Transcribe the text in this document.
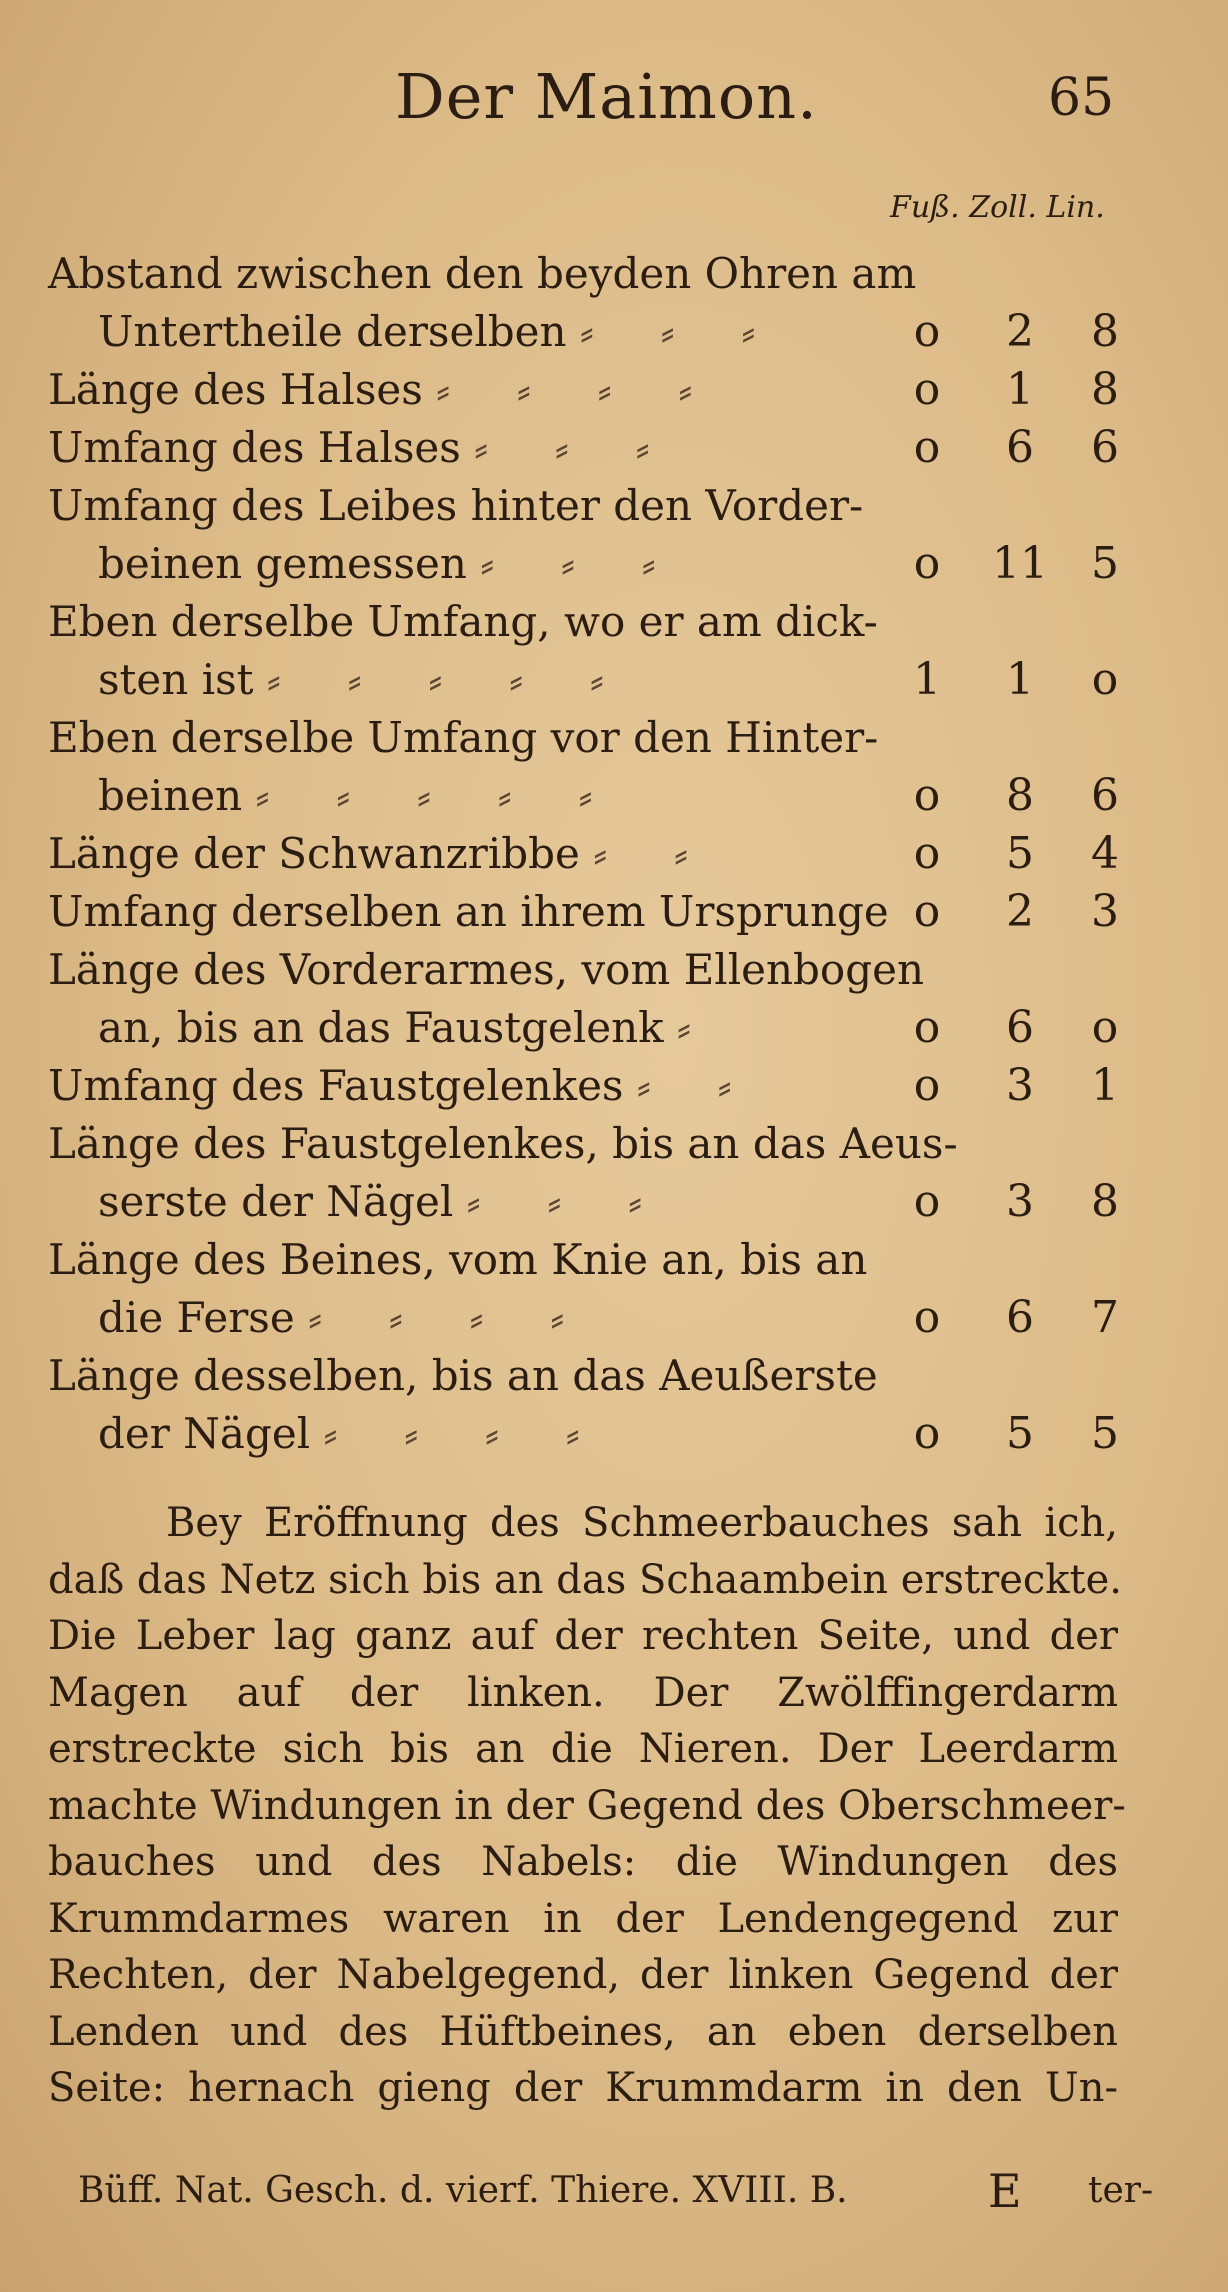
Der Maimon.	65
Fuß. Zoll. Lin.
Abstand zwischen den beyden Ohren am
Untertheile derselben ⸗     ⸗     ⸗	o	2	8
Länge des Halses ⸗     ⸗     ⸗     ⸗	o	1	8
Umfang des Halses ⸗     ⸗     ⸗	o	6	6
Umfang des Leibes hinter den Vorder-
beinen gemessen ⸗     ⸗     ⸗	o	11 5
Eben derselbe Umfang, wo er am dick-
sten ist ⸗     ⸗     ⸗     ⸗     ⸗	1	1	o
Eben derselbe Umfang vor den Hinter-
beinen ⸗     ⸗     ⸗     ⸗     ⸗	o	8	6
Länge der Schwanzribbe ⸗     ⸗	o	5	4
Umfang derselben an ihrem Ursprunge o	2	3
Länge des Vorderarmes, vom Ellenbogen
an, bis an das Faustgelenk ⸗	o	6	o
Umfang des Faustgelenkes ⸗     ⸗	o	3	1
Länge des Faustgelenkes, bis an das Aeus-
serste der Nägel ⸗     ⸗     ⸗	o	3	8
Länge des Beines, vom Knie an, bis an
die Ferse ⸗     ⸗     ⸗     ⸗	o	6	7
Länge desselben, bis an das Aeußerste
der Nägel ⸗     ⸗     ⸗     ⸗	o	5	5

Bey Eröffnung des Schmeerbauches sah ich,
daß das Netz sich bis an das Schaambein erstreckte.
Die Leber lag ganz auf der rechten Seite, und der
Magen auf der linken. Der Zwölffingerdarm
erstreckte sich bis an die Nieren. Der Leerdarm
machte Windungen in der Gegend des Oberschmeer-
bauches und des Nabels: die Windungen des
Krummdarmes waren in der Lendengegend zur
Rechten, der Nabelgegend, der linken Gegend der
Lenden und des Hüftbeines, an eben derselben
Seite: hernach gieng der Krummdarm in den Un-

Büff. Nat. Gesch. d. vierf. Thiere. XVIII. B.	E ter-
